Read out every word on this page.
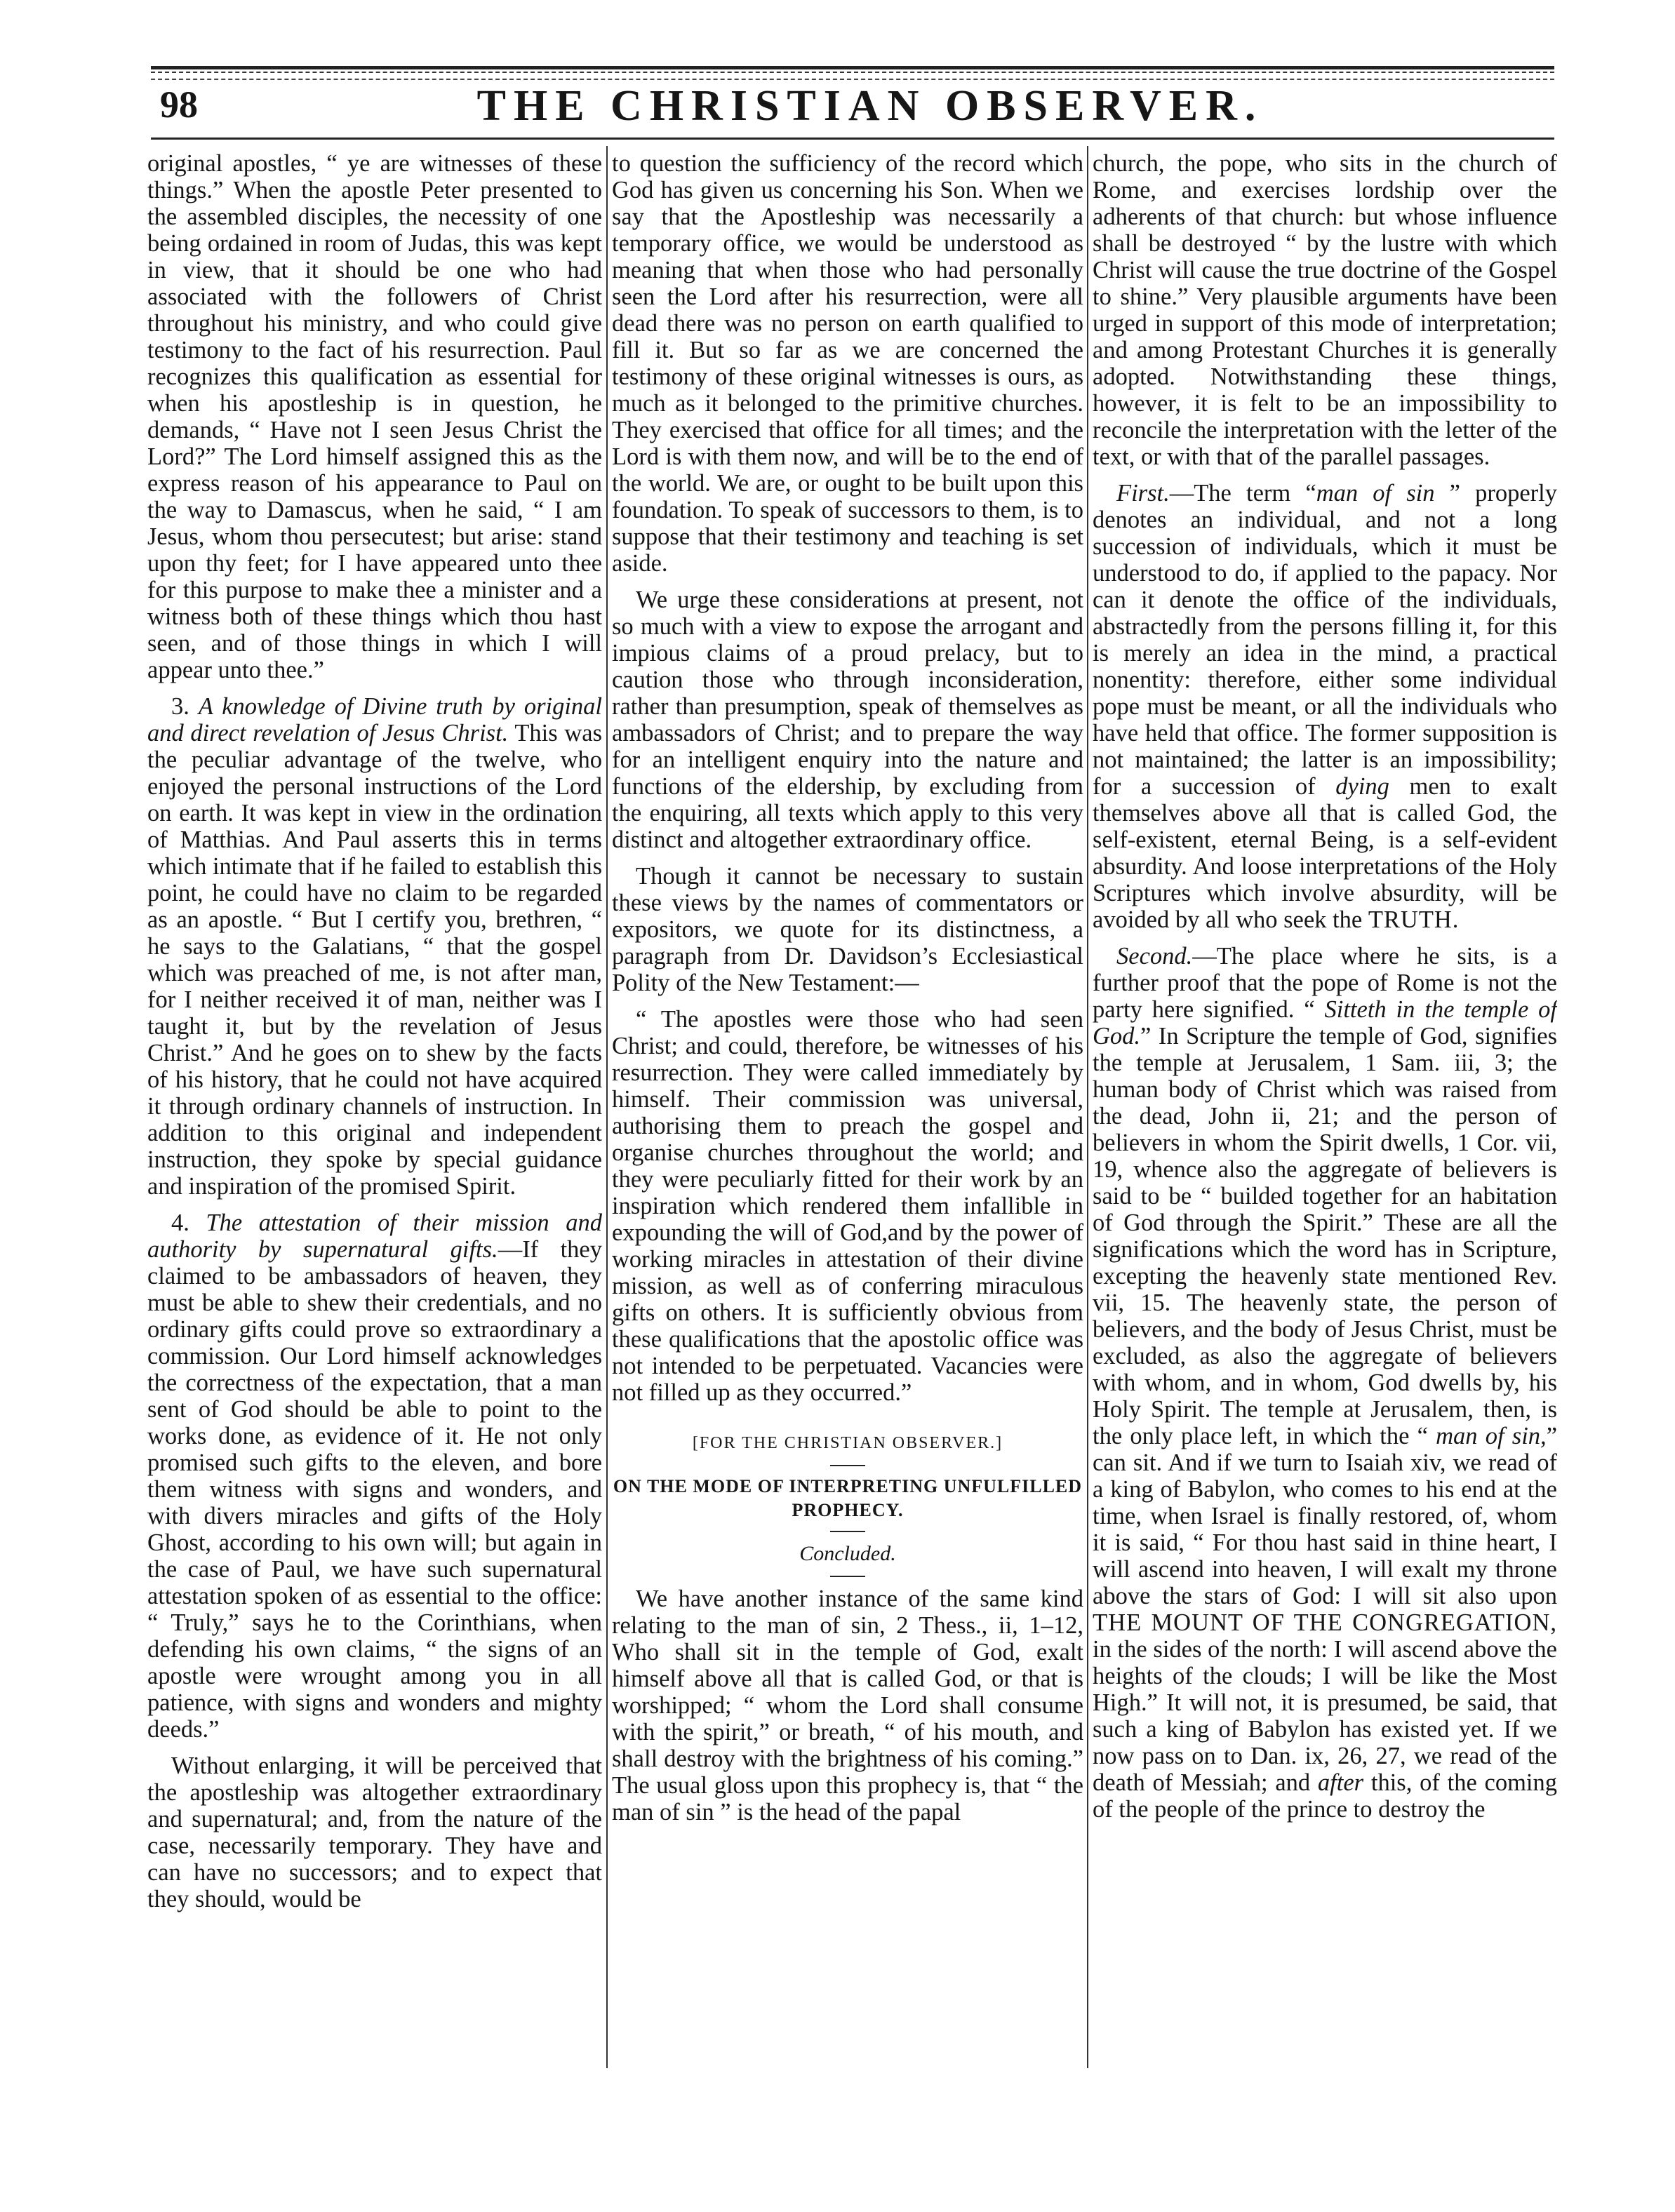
98	THE CHRISTIAN OBSERVER.

original apostles, “ ye are witnesses of these things.” When the apostle Peter presented to the assembled disciples, the necessity of one being ordained in room of Judas, this was kept in view, that it should be one who had associated with the followers of Christ throughout his ministry, and who could give testimony to the fact of his resurrection. Paul recognizes this qualification as essential for when his apostleship is in question, he demands, “ Have not I seen Jesus Christ the Lord?” The Lord himself assigned this as the express reason of his appearance to Paul on the way to Damascus, when he said, “ I am Jesus, whom thou persecutest; but arise: stand upon thy feet; for I have appeared unto thee for this purpose to make thee a minister and a witness both of these things which thou hast seen, and of those things in which I will appear unto thee.”

3. A knowledge of Divine truth by original and direct revelation of Jesus Christ. This was the peculiar advantage of the twelve, who enjoyed the personal instructions of the Lord on earth. It was kept in view in the ordination of Matthias. And Paul asserts this in terms which intimate that if he failed to establish this point, he could have no claim to be regarded as an apostle. “ But I certify you, brethren, “ he says to the Galatians, “ that the gospel which was preached of me, is not after man, for I neither received it of man, neither was I taught it, but by the revelation of Jesus Christ.” And he goes on to shew by the facts of his history, that he could not have acquired it through ordinary channels of instruction. In addition to this original and independent instruction, they spoke by special guidance and inspiration of the promised Spirit.

4. The attestation of their mission and authority by supernatural gifts.—If they claimed to be ambassadors of heaven, they must be able to shew their credentials, and no ordinary gifts could prove so extraordinary a commission. Our Lord himself acknowledges the correctness of the expectation, that a man sent of God should be able to point to the works done, as evidence of it. He not only promised such gifts to the eleven, and bore them witness with signs and wonders, and with divers miracles and gifts of the Holy Ghost, according to his own will; but again in the case of Paul, we have such supernatural attestation spoken of as essential to the office: “ Truly,” says he to the Corinthians, when defending his own claims, “ the signs of an apostle were wrought among you in all patience, with signs and wonders and mighty deeds.”

Without enlarging, it will be perceived that the apostleship was altogether extraordinary and supernatural; and, from the nature of the case, necessarily temporary. They have and can have no successors; and to expect that they should, would be

to question the sufficiency of the record which God has given us concerning his Son. When we say that the Apostleship was necessarily a temporary office, we would be understood as meaning that when those who had personally seen the Lord after his resurrection, were all dead there was no person on earth qualified to fill it. But so far as we are concerned the testimony of these original witnesses is ours, as much as it belonged to the primitive churches. They exercised that office for all times; and the Lord is with them now, and will be to the end of the world. We are, or ought to be built upon this foundation. To speak of successors to them, is to suppose that their testimony and teaching is set aside.

We urge these considerations at present, not so much with a view to expose the arrogant and impious claims of a proud prelacy, but to caution those who through inconsideration, rather than presumption, speak of themselves as ambassadors of Christ; and to prepare the way for an intelligent enquiry into the nature and functions of the eldership, by excluding from the enquiring, all texts which apply to this very distinct and altogether extraordinary office.

Though it cannot be necessary to sustain these views by the names of commentators or expositors, we quote for its distinctness, a paragraph from Dr. Davidson’s Ecclesiastical Polity of the New Testament:—

“ The apostles were those who had seen Christ; and could, therefore, be witnesses of his resurrection. They were called immediately by himself. Their commission was universal, authorising them to preach the gospel and organise churches throughout the world; and they were peculiarly fitted for their work by an inspiration which rendered them infallible in expounding the will of God,and by the power of working miracles in attestation of their divine mission, as well as of conferring miraculous gifts on others. It is sufficiently obvious from these qualifications that the apostolic office was not intended to be perpetuated. Vacancies were not filled up as they occurred.”

[FOR THE CHRISTIAN OBSERVER.]

ON THE MODE OF INTERPRETING UNFULFILLED PROPHECY.

Concluded.

We have another instance of the same kind relating to the man of sin, 2 Thess., ii, 1–12, Who shall sit in the temple of God, exalt himself above all that is called God, or that is worshipped; “ whom the Lord shall consume with the spirit,” or breath, “ of his mouth, and shall destroy with the brightness of his coming.” The usual gloss upon this prophecy is, that “ the man of sin ” is the head of the papal

church, the pope, who sits in the church of Rome, and exercises lordship over the adherents of that church: but whose influence shall be destroyed “ by the lustre with which Christ will cause the true doctrine of the Gospel to shine.” Very plausible arguments have been urged in support of this mode of interpretation; and among Protestant Churches it is generally adopted. Notwithstanding these things, however, it is felt to be an impossibility to reconcile the interpretation with the letter of the text, or with that of the parallel passages.

First.—The term “man of sin ” properly denotes an individual, and not a long succession of individuals, which it must be understood to do, if applied to the papacy. Nor can it denote the office of the individuals, abstractedly from the persons filling it, for this is merely an idea in the mind, a practical nonentity: therefore, either some individual pope must be meant, or all the individuals who have held that office. The former supposition is not maintained; the latter is an impossibility; for a succession of dying men to exalt themselves above all that is called God, the self-existent, eternal Being, is a self-evident absurdity. And loose interpretations of the Holy Scriptures which involve absurdity, will be avoided by all who seek the TRUTH.

Second.—The place where he sits, is a further proof that the pope of Rome is not the party here signified. “ Sitteth in the temple of God.” In Scripture the temple of God, signifies the temple at Jerusalem, 1 Sam. iii, 3; the human body of Christ which was raised from the dead, John ii, 21; and the person of believers in whom the Spirit dwells, 1 Cor. vii, 19, whence also the aggregate of believers is said to be “ builded together for an habitation of God through the Spirit.” These are all the significations which the word has in Scripture, excepting the heavenly state mentioned Rev. vii, 15. The heavenly state, the person of believers, and the body of Jesus Christ, must be excluded, as also the aggregate of believers with whom, and in whom, God dwells by, his Holy Spirit. The temple at Jerusalem, then, is the only place left, in which the “ man of sin,” can sit. And if we turn to Isaiah xiv, we read of a king of Babylon, who comes to his end at the time, when Israel is finally restored, of, whom it is said, “ For thou hast said in thine heart, I will ascend into heaven, I will exalt my throne above the stars of God: I will sit also upon THE MOUNT OF THE CONGREGATION, in the sides of the north: I will ascend above the heights of the clouds; I will be like the Most High.” It will not, it is presumed, be said, that such a king of Babylon has existed yet. If we now pass on to Dan. ix, 26, 27, we read of the death of Messiah; and after this, of the coming of the people of the prince to destroy the
